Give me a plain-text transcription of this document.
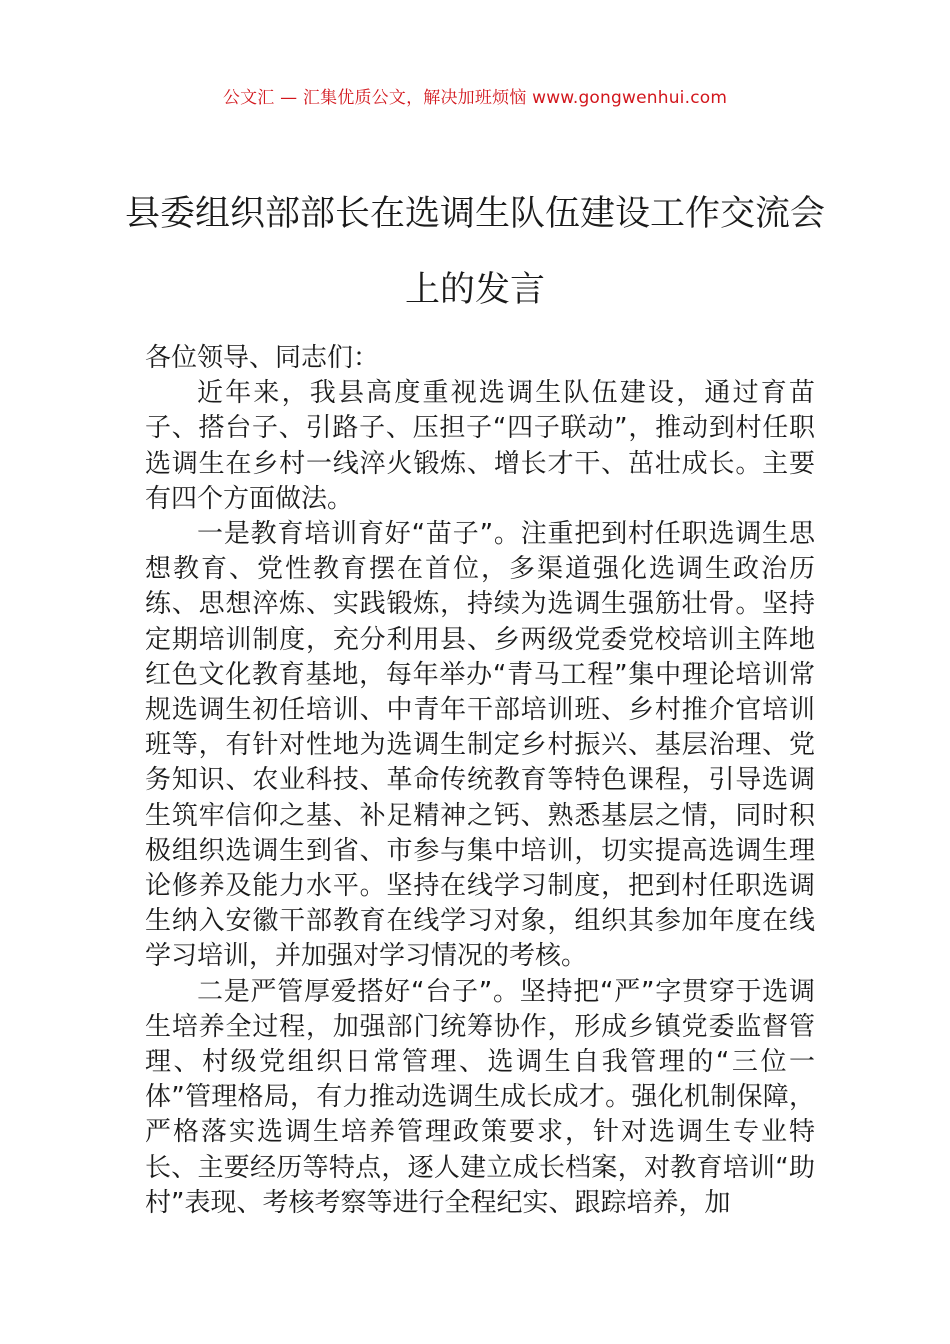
公文汇 — 汇集优质公文，解决加班烦恼 www.gongwenhui.com
县委组织部部长在选调生队伍建设工作交流会上的发言

各位领导、同志们：

近年来，我县高度重视选调生队伍建设，通过育苗子、搭台子、引路子、压担子“四子联动”，推动到村任职选调生在乡村一线淬火锻炼、增长才干、茁壮成长。主要有四个方面做法。

一是教育培训育好“苗子”。注重把到村任职选调生思想教育、党性教育摆在首位，多渠道强化选调生政治历练、思想淬炼、实践锻炼，持续为选调生强筋壮骨。坚持定期培训制度，充分利用县、乡两级党委党校培训主阵地红色文化教育基地，每年举办“青马工程”集中理论培训常规选调生初任培训、中青年干部培训班、乡村推介官培训班等，有针对性地为选调生制定乡村振兴、基层治理、党务知识、农业科技、革命传统教育等特色课程，引导选调生筑牢信仰之基、补足精神之钙、熟悉基层之情，同时积极组织选调生到省、市参与集中培训，切实提高选调生理论修养及能力水平。坚持在线学习制度，把到村任职选调生纳入安徽干部教育在线学习对象，组织其参加年度在线学习培训，并加强对学习情况的考核。

二是严管厚爱搭好“台子”。坚持把“严”字贯穿于选调生培养全过程，加强部门统筹协作，形成乡镇党委监督管理、村级党组织日常管理、选调生自我管理的“三位一体”管理格局，有力推动选调生成长成才。强化机制保障，严格落实选调生培养管理政策要求，针对选调生专业特长、主要经历等特点，逐人建立成长档案，对教育培训“助村”表现、考核考察等进行全程纪实、跟踪培养，加
